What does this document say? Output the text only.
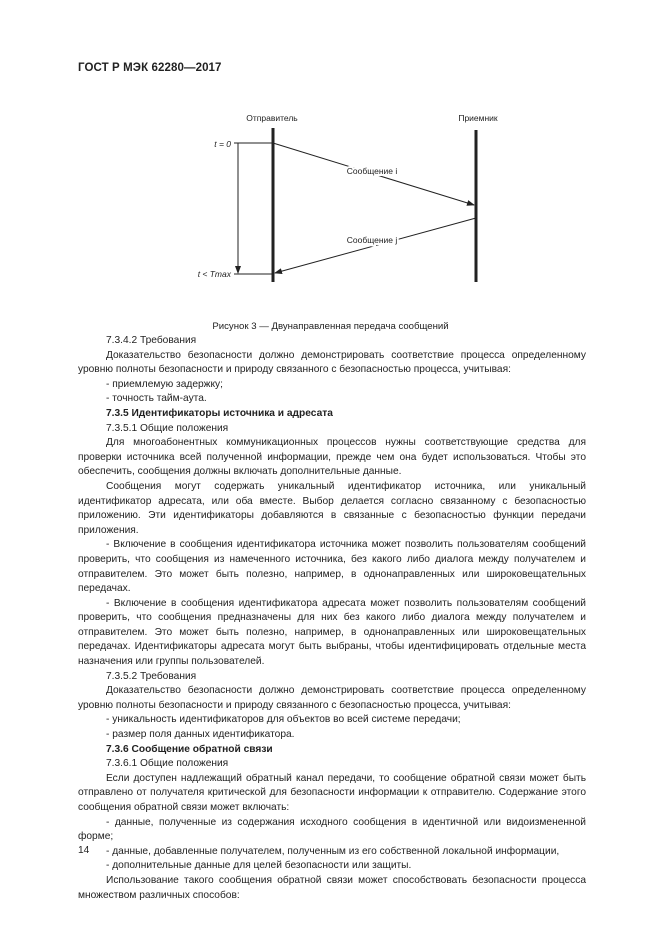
ГОСТ Р МЭК 62280—2017
Отправитель	Приемник
t = 0
t < Tmax
Сообщение i
Сообщение j
Рисунок 3 — Двунаправленная передача сообщений

7.3.4.2 Требования

Доказательство безопасности должно демонстрировать соответствие процесса определенному уровню полноты безопасности и природу связанного с безопасностью процесса, учитывая:

- приемлемую задержку;

- точность тайм-аута.

7.3.5 Идентификаторы источника и адресата

7.3.5.1 Общие положения

Для многоабонентных коммуникационных процессов нужны соответствующие средства для проверки источника всей полученной информации, прежде чем она будет использоваться. Чтобы это обеспечить, сообщения должны включать дополнительные данные.

Сообщения могут содержать уникальный идентификатор источника, или уникальный идентификатор адресата, или оба вместе. Выбор делается согласно связанному с безопасностью приложению. Эти идентификаторы добавляются в связанные с безопасностью функции передачи приложения.

- Включение в сообщения идентификатора источника может позволить пользователям сообщений проверить, что сообщения из намеченного источника, без какого либо диалога между получателем и отправителем. Это может быть полезно, например, в однонаправленных или широковещательных передачах.

- Включение в сообщения идентификатора адресата может позволить пользователям сообщений проверить, что сообщения предназначены для них без какого либо диалога между получателем и отправителем. Это может быть полезно, например, в однонаправленных или широковещательных передачах. Идентификаторы адресата могут быть выбраны, чтобы идентифицировать отдельные места назначения или группы пользователей.

7.3.5.2 Требования

Доказательство безопасности должно демонстрировать соответствие процесса определенному уровню полноты безопасности и природу связанного с безопасностью процесса, учитывая:

- уникальность идентификаторов для объектов во всей системе передачи;

- размер поля данных идентификатора.

7.3.6 Сообщение обратной связи

7.3.6.1 Общие положения

Если доступен надлежащий обратный канал передачи, то сообщение обратной связи может быть отправлено от получателя критической для безопасности информации к отправителю. Содержание этого сообщения обратной связи может включать:

- данные, полученные из содержания исходного сообщения в идентичной или видоизмененной форме;

- данные, добавленные получателем, полученным из его собственной локальной информации,

- дополнительные данные для целей безопасности или защиты.

Использование такого сообщения обратной связи может способствовать безопасности процесса множеством различных способов:

14
